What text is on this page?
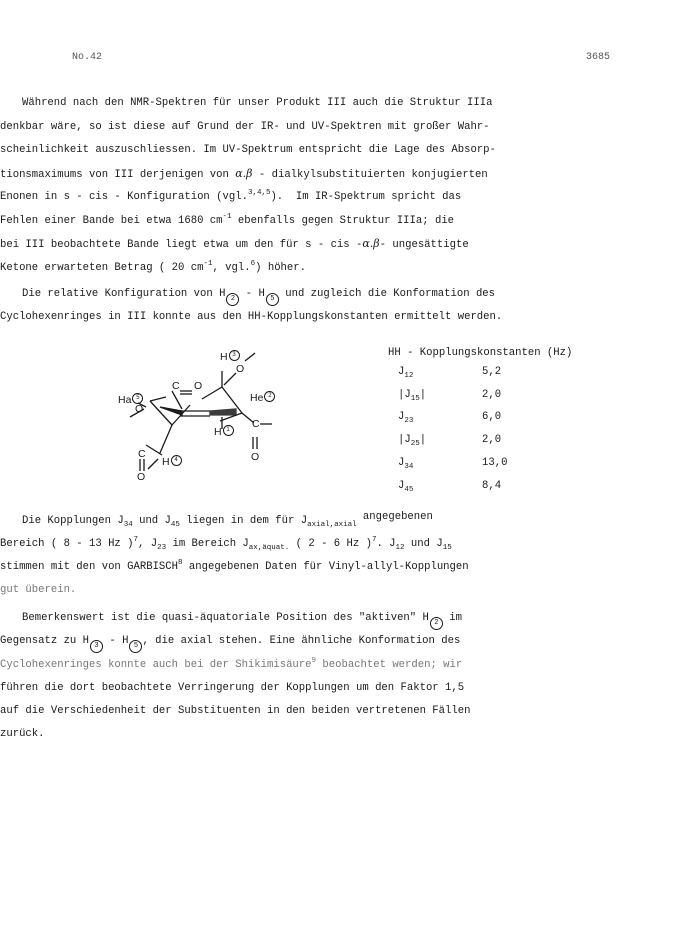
No.42	3685
Während nach den NMR-Spektren für unser Produkt III auch die Struktur IIIa
denkbar wäre, so ist diese auf Grund der IR- und UV-Spektren mit großer Wahr-
scheinlichkeit auszuschliessen. Im UV-Spektrum entspricht die Lage des Absorp-
tionsmaximums von III derjenigen von α.β - dialkylsubstituierten konjugierten
Enonen in s - cis - Konfiguration (vgl.$^{3,4,5}$).  Im IR-Spektrum spricht das
Fehlen einer Bande bei etwa 1680 $cm^{-1}$ ebenfalls gegen Struktur IIIa; die
bei III beobachtete Bande liegt etwa um den für s - cis -α.β- ungesättigte
Ketone erwarteten Betrag ( 20 $cm^{-1}$, vgl.$^6$) höher.
Die relative Konfiguration von H 2 - H 5 und zugleich die Konformation des
Cyclohexenringes in III konnte aus den HH-Kopplungskonstanten ermittelt werden.
H 3
O
C O
Ha 5	He 2
O
H 1	C
O
C
H 4
O
HH - Kopplungskonstanten (Hz)
$J_{12}$	5,2
$|J_{15}|$	2,0
$J_{23}$	6,0
$|J_{25}|$	2,0
$J_{34}$	13,0
$J_{45}$	8,4
Die Kopplungen $J_{34}$ und $J_{45}$ liegen in dem für $J_{axial,axial}$ angegebenen
Bereich ( 8 - 13 Hz )$^7$, $J_{23}$ im Bereich $J_{ax,äquat.}$ ( 2 - 6 Hz )$^7$. $J_{12}$ und $J_{15}$
stimmen mit den von GARBISCH$^8$ angegebenen Daten für Vinyl-allyl-Kopplungen
gut überein.
Bemerkenswert ist die quasi-äquatoriale Position des "aktiven" H 2 im
Gegensatz zu H 3 - H 5 , die axial stehen. Eine ähnliche Konformation des
Cyclohexenringes konnte auch bei der Shikimisäure$^9$ beobachtet werden; wir
führen die dort beobachtete Verringerung der Kopplungen um den Faktor 1,5
auf die Verschiedenheit der Substituenten in den beiden vertretenen Fällen
zurück.
